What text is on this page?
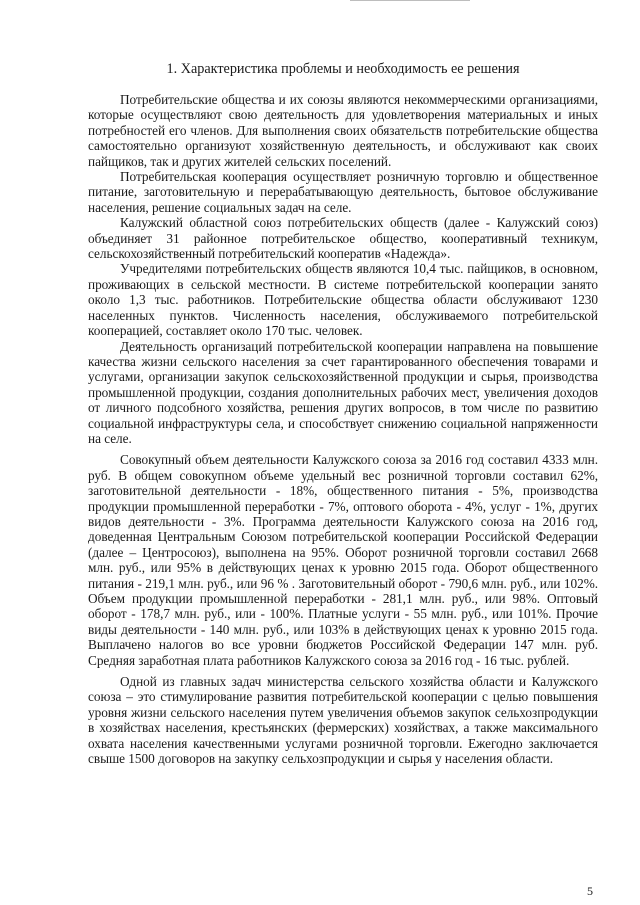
1. Характеристика проблемы и необходимость ее решения

Потребительские общества и их союзы являются некоммерческими организациями, которые осуществляют свою деятельность для удовлетворения материальных и иных потребностей его членов. Для выполнения своих обязательств потребительские общества самостоятельно организуют хозяйственную деятельность, и обслуживают как своих пайщиков, так и других жителей сельских поселений.

Потребительская кооперация осуществляет розничную торговлю и общественное питание, заготовительную и перерабатывающую деятельность, бытовое обслуживание населения, решение социальных задач на селе.

Калужский областной союз потребительских обществ (далее - Калужский союз) объединяет 31 районное потребительское общество, кооперативный техникум, сельскохозяйственный потребительский кооператив «Надежда».

Учредителями потребительских обществ являются 10,4 тыс. пайщиков, в основном, проживающих в сельской местности. В системе потребительской кооперации занято около 1,3 тыс. работников. Потребительские общества области обслуживают 1230 населенных пунктов. Численность населения, обслуживаемого потребительской кооперацией, составляет около 170 тыс. человек.

Деятельность организаций потребительской кооперации направлена на повышение качества жизни сельского населения за счет гарантированного обеспечения товарами и услугами, организации закупок сельскохозяйственной продукции и сырья, производства промышленной продукции, создания дополнительных рабочих мест, увеличения доходов от личного подсобного хозяйства, решения других вопросов, в том числе по развитию социальной инфраструктуры села, и способствует снижению социальной напряженности на селе.

Совокупный объем деятельности Калужского союза за 2016 год составил 4333 млн. руб. В общем совокупном объеме удельный вес розничной торговли составил 62%, заготовительной деятельности - 18%, общественного питания - 5%, производства продукции промышленной переработки - 7%, оптового оборота - 4%, услуг - 1%, других видов деятельности - 3%. Программа деятельности Калужского союза на 2016 год, доведенная Центральным Союзом потребительской кооперации Российской Федерации (далее – Центросоюз), выполнена на 95%. Оборот розничной торговли составил 2668 млн. руб., или 95% в действующих ценах к уровню 2015 года. Оборот общественного питания - 219,1 млн. руб., или 96 % . Заготовительный оборот - 790,6 млн. руб., или 102%. Объем продукции промышленной переработки - 281,1 млн. руб., или 98%. Оптовый оборот - 178,7 млн. руб., или - 100%. Платные услуги - 55 млн. руб., или 101%. Прочие виды деятельности - 140 млн. руб., или 103% в действующих ценах к уровню 2015 года. Выплачено налогов во все уровни бюджетов Российской Федерации 147 млн. руб. Средняя заработная плата работников Калужского союза за 2016 год - 16 тыс. рублей.

Одной из главных задач министерства сельского хозяйства области и Калужского союза – это стимулирование развития потребительской кооперации с целью повышения уровня жизни сельского населения путем увеличения объемов закупок сельхозпродукции в хозяйствах населения, крестьянских (фермерских) хозяйствах, а также максимального охвата населения качественными услугами розничной торговли. Ежегодно заключается свыше 1500 договоров на закупку сельхозпродукции и сырья у населения области.

5
